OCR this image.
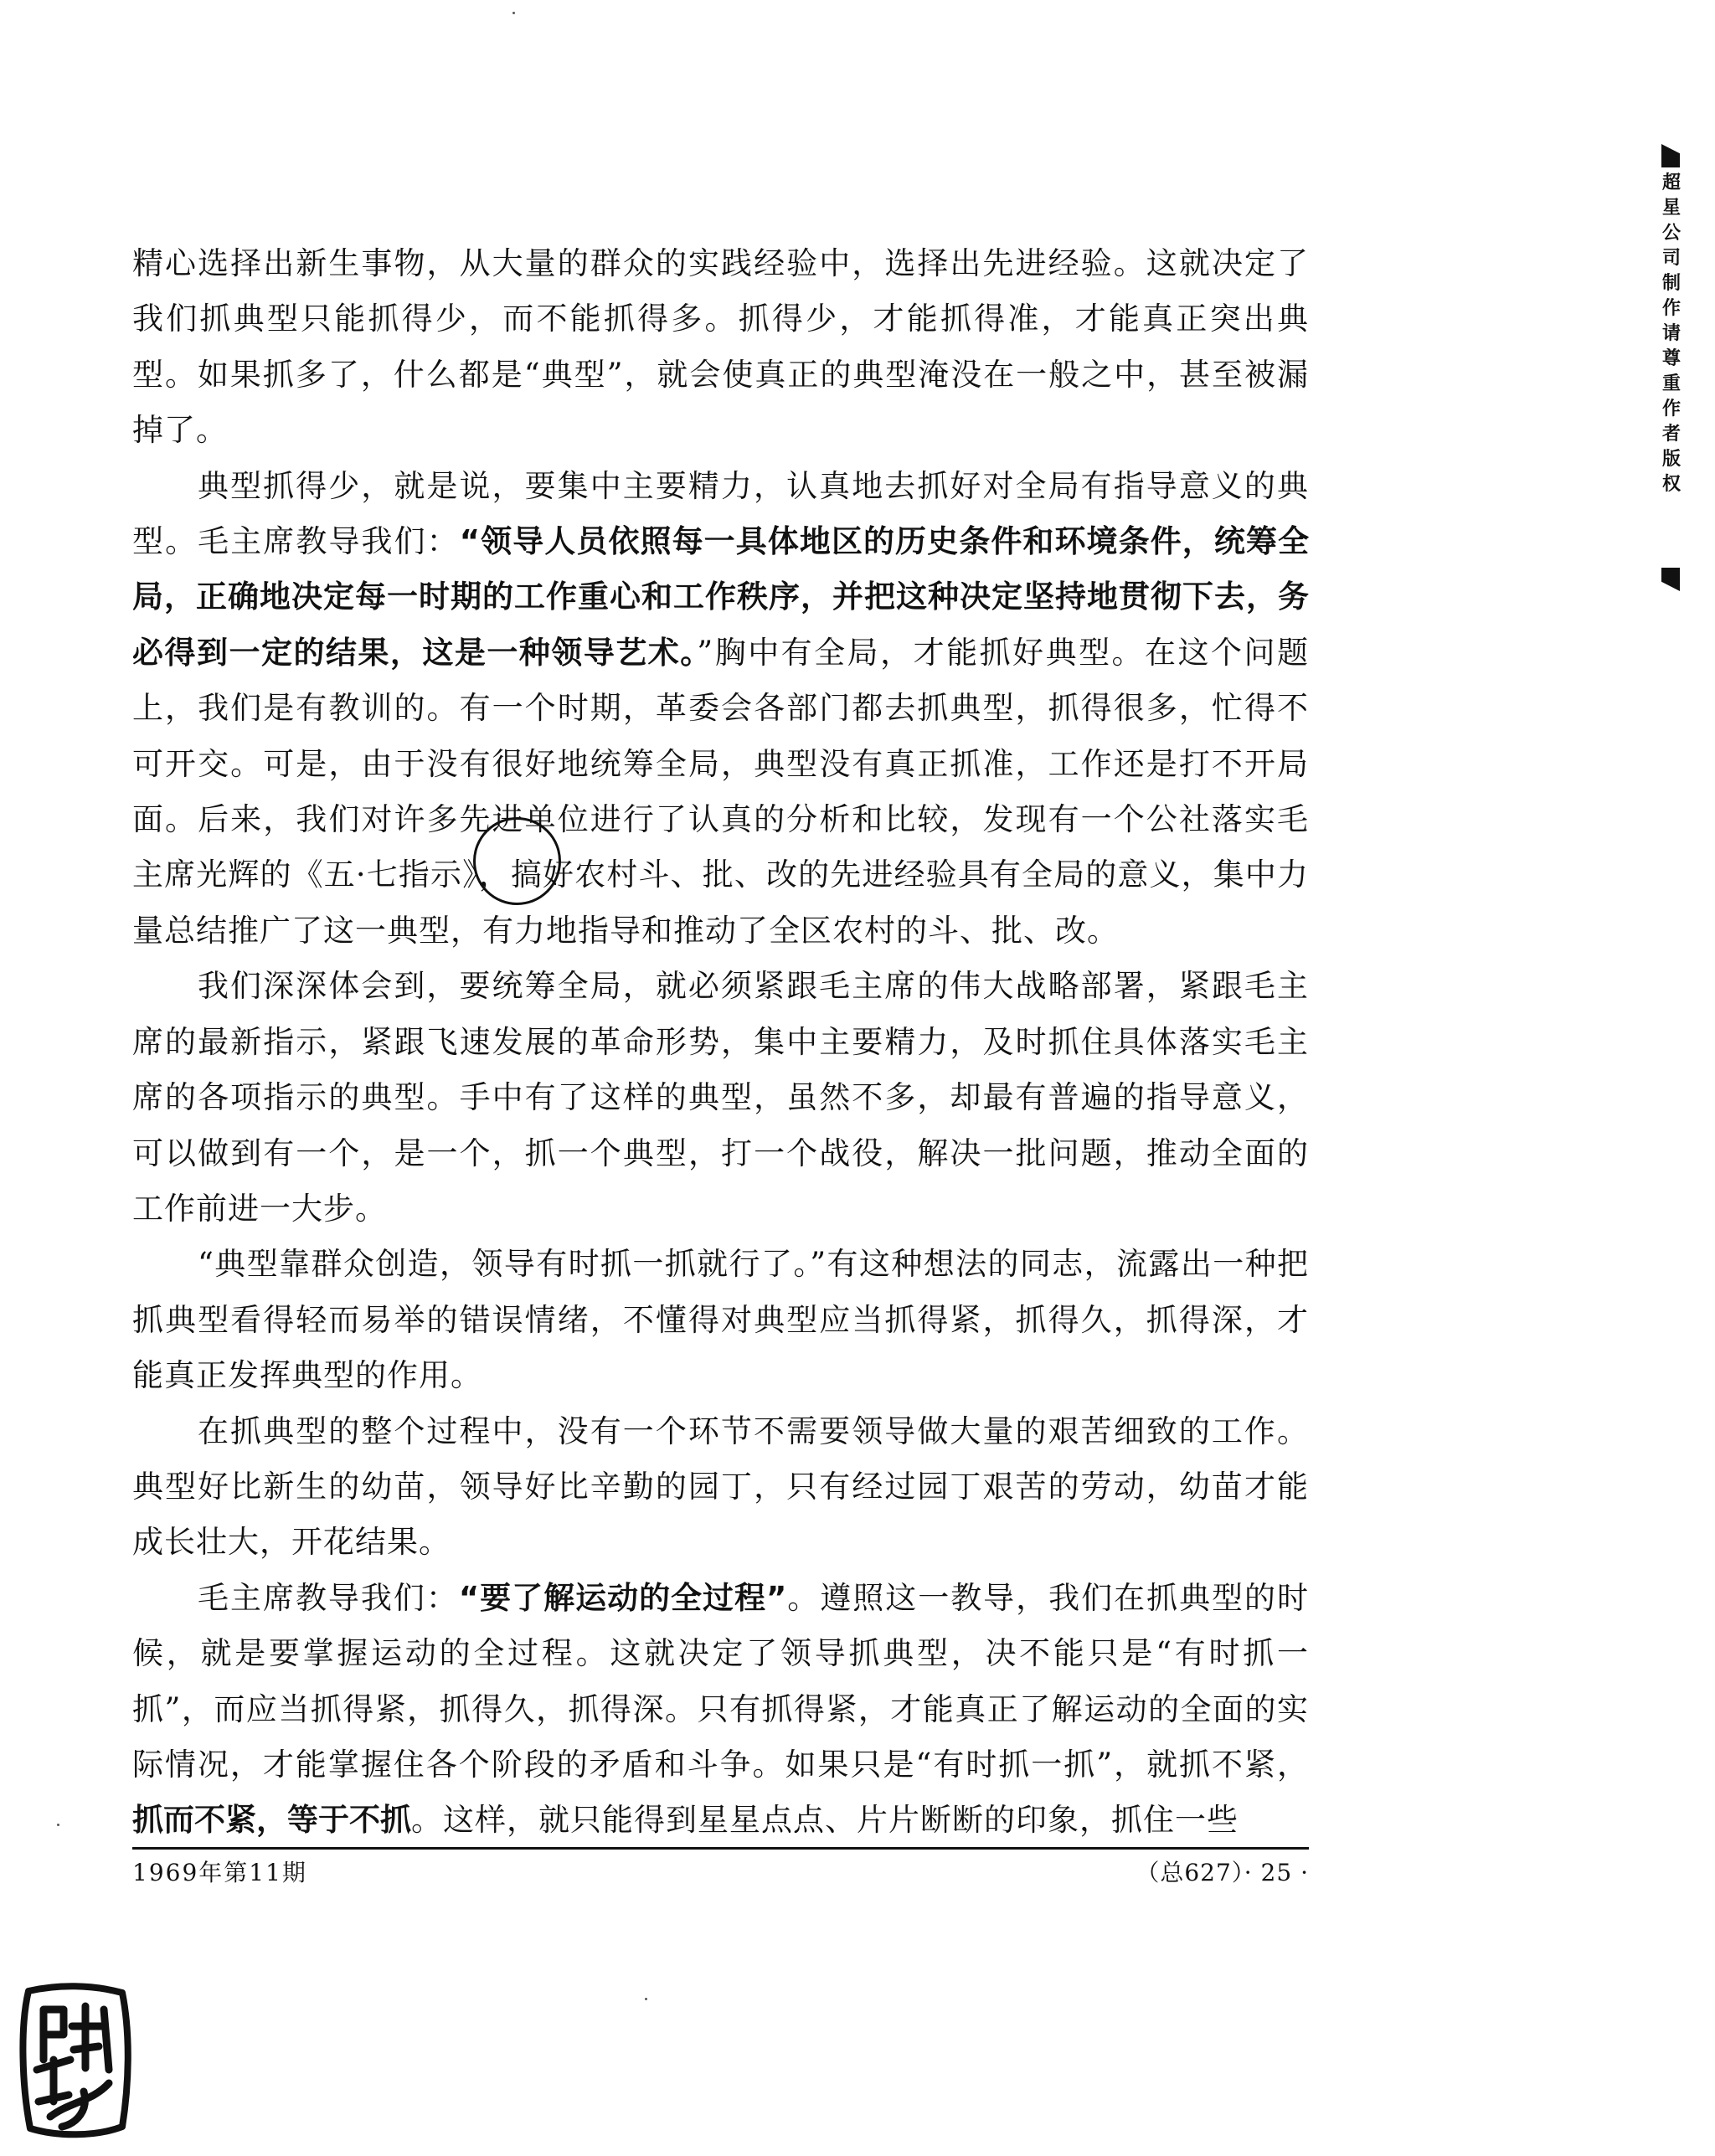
精心选择出新生事物，从大量的群众的实践经验中，选择出先进经验。这就决定了我们抓典型只能抓得少，而不能抓得多。抓得少，才能抓得准，才能真正突出典型。如果抓多了，什么都是“典型”，就会使真正的典型淹没在一般之中，甚至被漏掉了。

典型抓得少，就是说，要集中主要精力，认真地去抓好对全局有指导意义的典型。毛主席教导我们：“领导人员依照每一具体地区的历史条件和环境条件，统筹全局，正确地决定每一时期的工作重心和工作秩序，并把这种决定坚持地贯彻下去，务必得到一定的结果，这是一种领导艺术。”胸中有全局，才能抓好典型。在这个问题上，我们是有教训的。有一个时期，革委会各部门都去抓典型，抓得很多，忙得不可开交。可是，由于没有很好地统筹全局，典型没有真正抓准，工作还是打不开局面。后来，我们对许多先进单位进行了认真的分析和比较，发现有一个公社落实毛主席光辉的《五·七指示》，搞好农村斗、批、改的先进经验具有全局的意义，集中力量总结推广了这一典型，有力地指导和推动了全区农村的斗、批、改。

我们深深体会到，要统筹全局，就必须紧跟毛主席的伟大战略部署，紧跟毛主席的最新指示，紧跟飞速发展的革命形势，集中主要精力，及时抓住具体落实毛主席的各项指示的典型。手中有了这样的典型，虽然不多，却最有普遍的指导意义，可以做到有一个，是一个，抓一个典型，打一个战役，解决一批问题，推动全面的工作前进一大步。

“典型靠群众创造，领导有时抓一抓就行了。”有这种想法的同志，流露出一种把抓典型看得轻而易举的错误情绪，不懂得对典型应当抓得紧，抓得久，抓得深，才能真正发挥典型的作用。

在抓典型的整个过程中，没有一个环节不需要领导做大量的艰苦细致的工作。典型好比新生的幼苗，领导好比辛勤的园丁，只有经过园丁艰苦的劳动，幼苗才能成长壮大，开花结果。

毛主席教导我们：“要了解运动的全过程”。遵照这一教导，我们在抓典型的时候，就是要掌握运动的全过程。这就决定了领导抓典型，决不能只是“有时抓一抓”，而应当抓得紧，抓得久，抓得深。只有抓得紧，才能真正了解运动的全面的实际情况，才能掌握住各个阶段的矛盾和斗争。如果只是“有时抓一抓”，就抓不紧，抓而不紧，等于不抓。这样，就只能得到星星点点、片片断断的印象，抓住一些

1969年第11期	（总627）· 25 ·
超星公司制作 请尊重作者版权
